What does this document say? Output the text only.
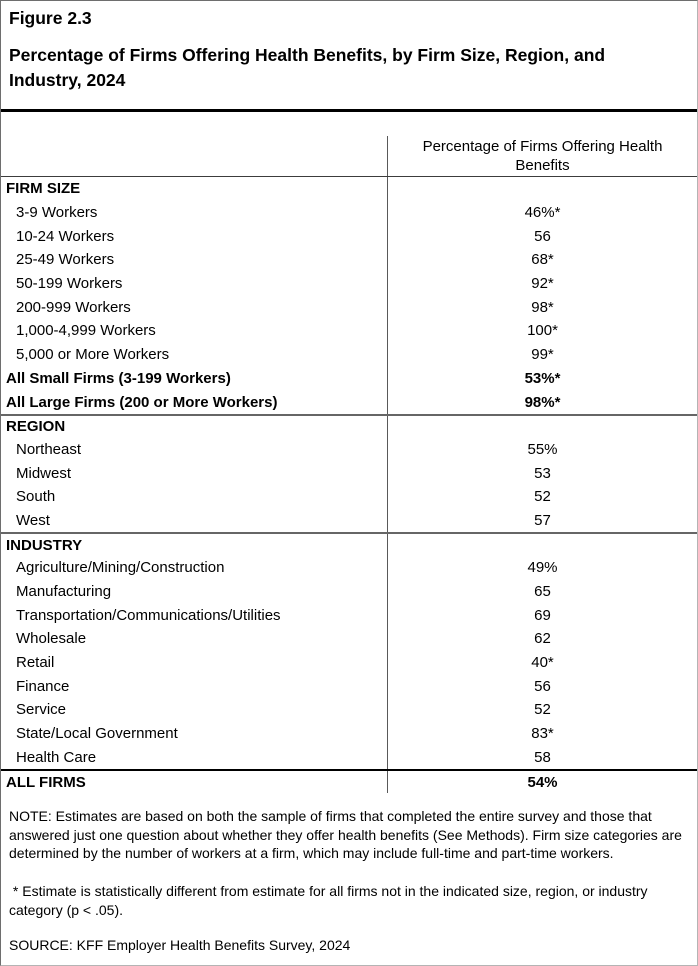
Figure 2.3
Percentage of Firms Offering Health Benefits, by Firm Size, Region, and Industry, 2024
Percentage of Firms Offering Health Benefits
FIRM SIZE
3-9 Workers	46%*
10-24 Workers	56
25-49 Workers	68*
50-199 Workers	92*
200-999 Workers	98*
1,000-4,999 Workers	100*
5,000 or More Workers	99*
All Small Firms (3-199 Workers)	53%*
All Large Firms (200 or More Workers)	98%*
REGION
Northeast	55%
Midwest	53
South	52
West	57
INDUSTRY
Agriculture/Mining/Construction	49%
Manufacturing	65
Transportation/Communications/Utilities	69
Wholesale	62
Retail	40*
Finance	56
Service	52
State/Local Government	83*
Health Care	58
ALL FIRMS	54%

NOTE: Estimates are based on both the sample of firms that completed the entire survey and those that answered just one question about whether they offer health benefits (See Methods). Firm size categories are determined by the number of workers at a firm, which may include full-time and part-time workers.

* Estimate is statistically different from estimate for all firms not in the indicated size, region, or industry category (p < .05).

SOURCE: KFF Employer Health Benefits Survey, 2024
